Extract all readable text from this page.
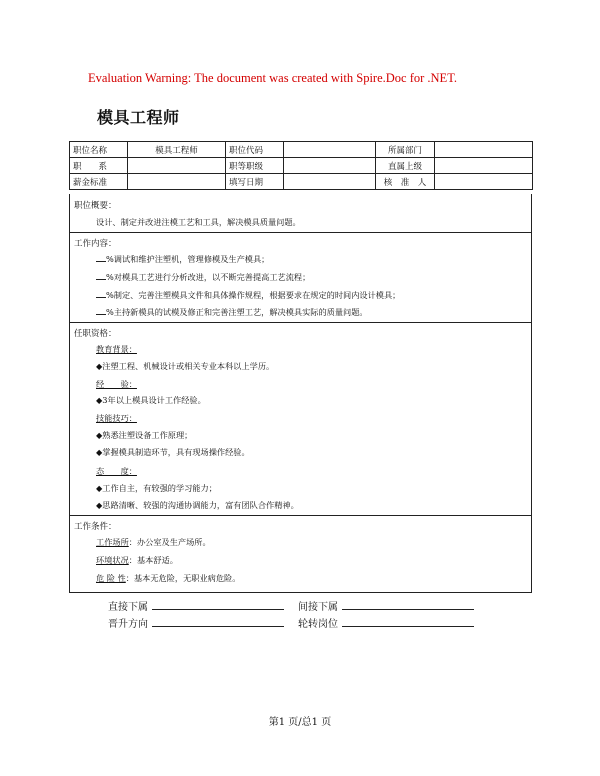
Evaluation Warning: The document was created with Spire.Doc for .NET.
模具工程师
职位名称	模具工程师	职位代码		所属部门	
职　　系		职等职级		直属上级	
薪金标准		填写日期		核　准　人	
职位概要：
设计、制定并改进注模工艺和工具，解决模具质量问题。
工作内容：
%调试和维护注塑机，管理修模及生产模具；
%对模具工艺进行分析改进，以不断完善提高工艺流程；
%制定、完善注塑模具文件和具体操作规程，根据要求在规定的时间内设计模具；
%主持新模具的试模及修正和完善注塑工艺，解决模具实际的质量问题。
任职资格：
教育背景：
◆注塑工程、机械设计或相关专业本科以上学历。
经　　验：
◆3年以上模具设计工作经验。
技能技巧：
◆熟悉注塑设备工作原理；
◆掌握模具制造环节，具有现场操作经验。
态　　度：
◆工作自主，有较强的学习能力；
◆思路清晰、较强的沟通协调能力，富有团队合作精神。
工作条件：
工作场所：办公室及生产场所。
环境状况：基本舒适。
危 险 性：基本无危险，无职业病危险。
直接下属	间接下属
晋升方向	轮转岗位
第1 页/总1 页
